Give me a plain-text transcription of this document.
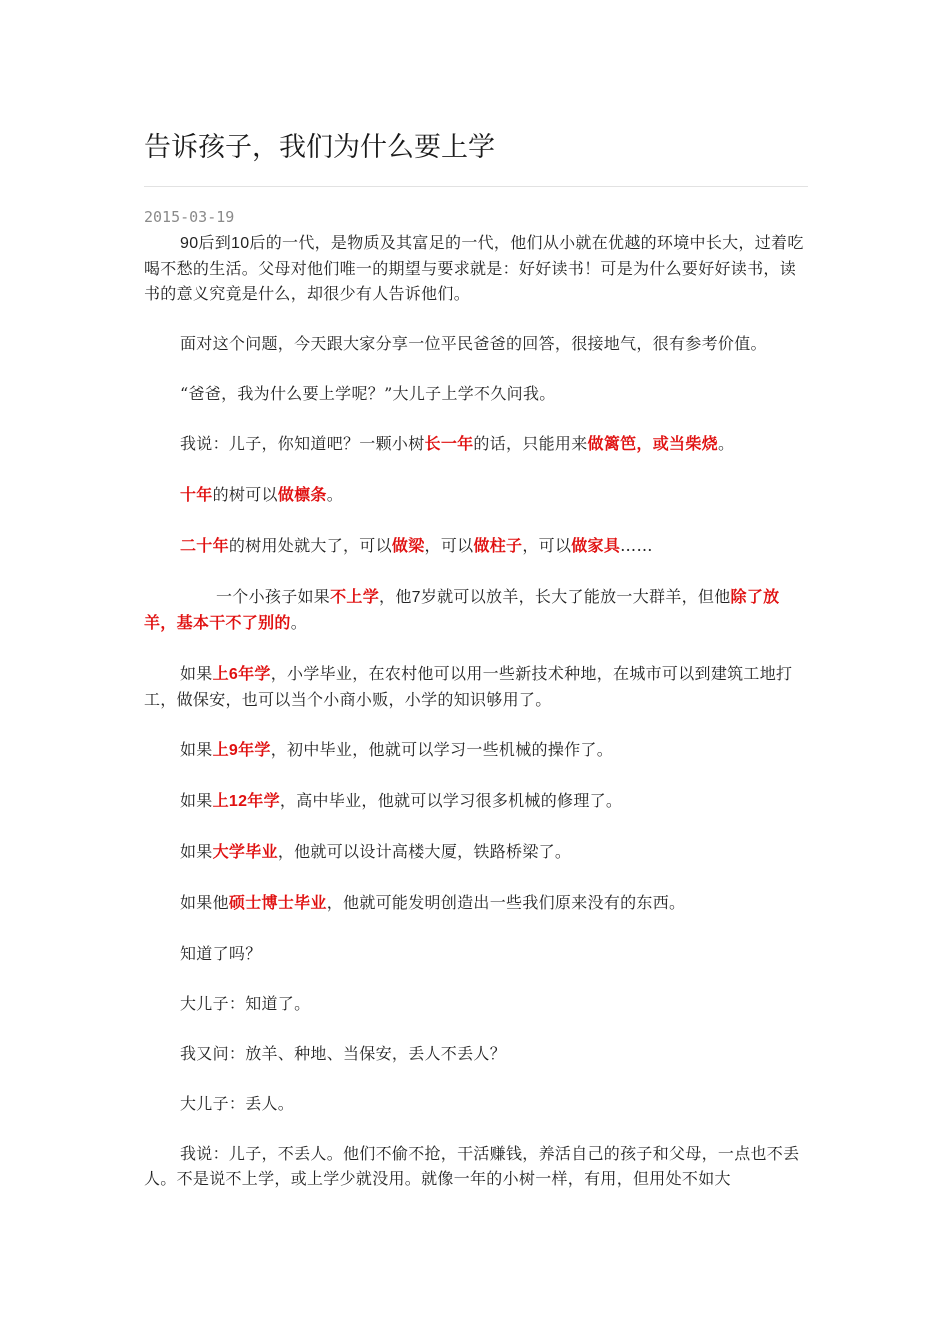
告诉孩子，我们为什么要上学
2015-03-19

90后到10后的一代，是物质及其富足的一代，他们从小就在优越的环境中长大，过着吃喝不愁的生活。父母对他们唯一的期望与要求就是：好好读书！可是为什么要好好读书，读书的意义究竟是什么，却很少有人告诉他们。

面对这个问题，今天跟大家分享一位平民爸爸的回答，很接地气，很有参考价值。

“爸爸，我为什么要上学呢？”大儿子上学不久问我。

我说：儿子，你知道吧？一颗小树长一年的话，只能用来做篱笆，或当柴烧。

十年的树可以做檩条。

二十年的树用处就大了，可以做梁，可以做柱子，可以做家具……

一个小孩子如果不上学，他7岁就可以放羊，长大了能放一大群羊，但他除了放羊，基本干不了别的。

如果上6年学，小学毕业，在农村他可以用一些新技术种地，在城市可以到建筑工地打工，做保安，也可以当个小商小贩，小学的知识够用了。

如果上9年学，初中毕业，他就可以学习一些机械的操作了。

如果上12年学，高中毕业，他就可以学习很多机械的修理了。

如果大学毕业，他就可以设计高楼大厦，铁路桥梁了。

如果他硕士博士毕业，他就可能发明创造出一些我们原来没有的东西。

知道了吗？

大儿子：知道了。

我又问：放羊、种地、当保安，丢人不丢人？

大儿子：丢人。

我说：儿子，不丢人。他们不偷不抢，干活赚钱，养活自己的孩子和父母，一点也不丢人。不是说不上学，或上学少就没用。就像一年的小树一样，有用，但用处不如大
